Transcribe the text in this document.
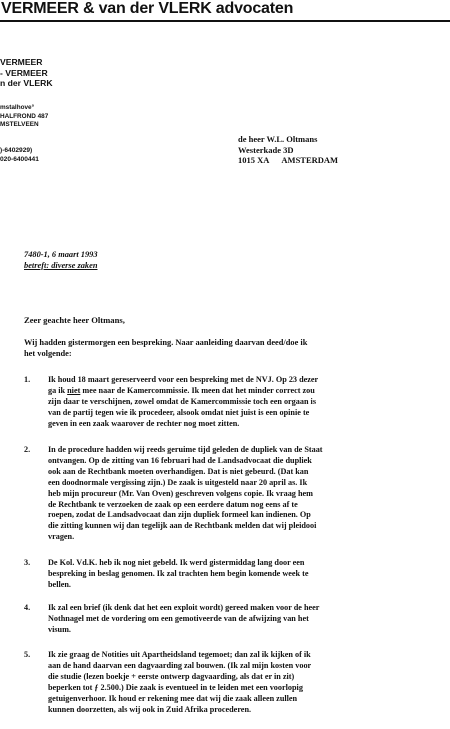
VERMEER & van der VLERK advocaten
VERMEER
- VERMEER
n der VLERK
mstalhove°
HALFROND 487
MSTELVEEN
)-6402929)
020-6400441
de heer W.L. Oltmans
Westerkade 3D
1015 XA AMSTERDAM
7480-1, 6 maart 1993
betreft: diverse zaken
Zeer geachte heer Oltmans,
Wij hadden gistermorgen een bespreking. Naar aanleiding daarvan deed/doe ik
het volgende:
1. Ik houd 18 maart gereserveerd voor een bespreking met de NVJ. Op 23 dezer
ga ik niet mee naar de Kamercommissie. Ik meen dat het minder correct zou
zijn daar te verschijnen, zowel omdat de Kamercommissie toch een orgaan is
van de partij tegen wie ik procedeer, alsook omdat niet juist is een opinie te
geven in een zaak waarover de rechter nog moet zitten.
2. In de procedure hadden wij reeds geruime tijd geleden de dupliek van de Staat
ontvangen. Op de zitting van 16 februari had de Landsadvocaat die dupliek
ook aan de Rechtbank moeten overhandigen. Dat is niet gebeurd. (Dat kan
een doodnormale vergissing zijn.) De zaak is uitgesteld naar 20 april as. Ik
heb mijn procureur (Mr. Van Oven) geschreven volgens copie. Ik vraag hem
de Rechtbank te verzoeken de zaak op een eerdere datum nog eens af te
roepen, zodat de Landsadvocaat dan zijn dupliek formeel kan indienen. Op
die zitting kunnen wij dan tegelijk aan de Rechtbank melden dat wij pleidooi
vragen.
3. De Kol. Vd.K. heb ik nog niet gebeld. Ik werd gistermiddag lang door een
bespreking in beslag genomen. Ik zal trachten hem begin komende week te
bellen.
4. Ik zal een brief (ik denk dat het een exploit wordt) gereed maken voor de heer
Nothnagel met de vordering om een gemotiveerde van de afwijzing van het
visum.
5. Ik zie graag de Notities uit Apartheidsland tegemoet; dan zal ik kijken of ik
aan de hand daarvan een dagvaarding zal bouwen. (Ik zal mijn kosten voor
die studie (lezen boekje + eerste ontwerp dagvaarding, als dat er in zit)
beperken tot ƒ 2.500.) Die zaak is eventueel in te leiden met een voorlopig
getuigenverhoor. Ik houd er rekening mee dat wij die zaak alleen zullen
kunnen doorzetten, als wij ook in Zuid Afrika procederen.
